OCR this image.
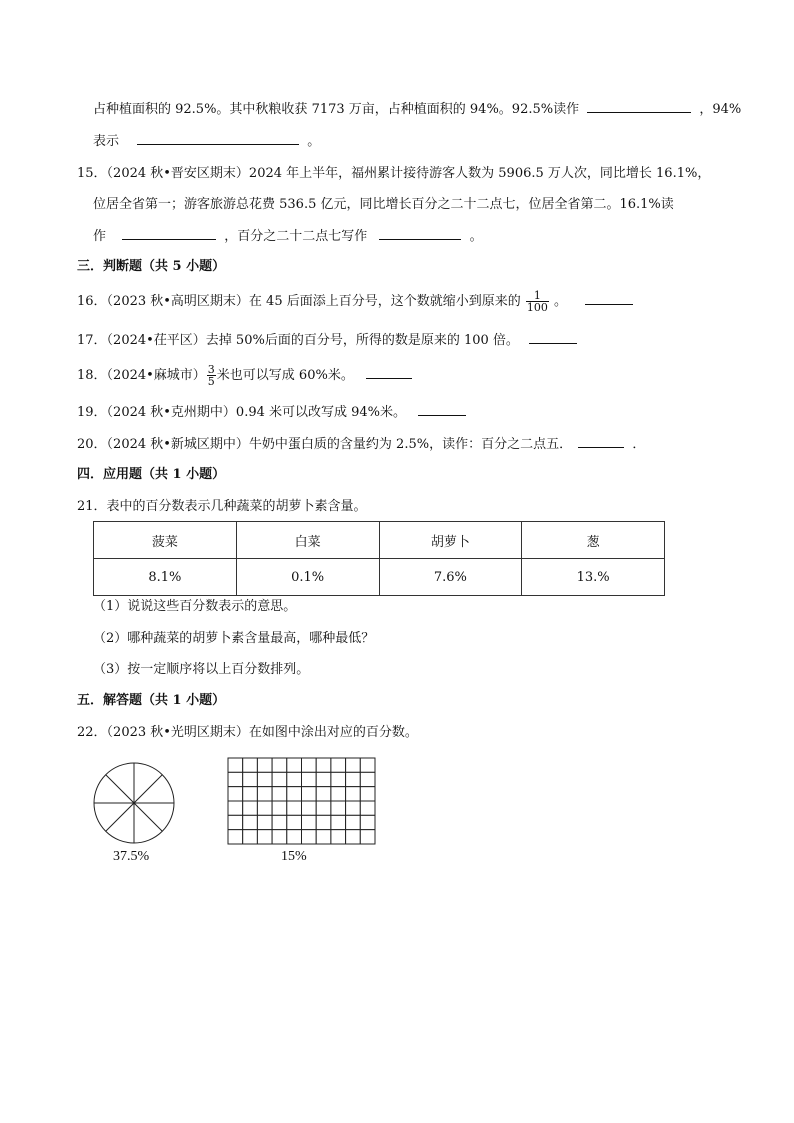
占种植面积的 92.5%。其中秋粮收获 7173 万亩，占种植面积的 94%。92.5%读作	，94%
表示	。
15．（2024 秋•晋安区期末）2024 年上半年，福州累计接待游客人数为 5906.5 万人次，同比增长 16.1%，
位居全省第一；游客旅游总花费 536.5 亿元，同比增长百分之二十二点七，位居全省第二。16.1%读
作	，百分之二十二点七写作	。
三．判断题（共 5 小题）
16．（2023 秋•高明区期末）在 45 后面添上百分号，这个数就缩小到原来的 $\frac{1}{100}$ 。
17．（2024•茌平区）去掉 50%后面的百分号，所得的数是原来的 100 倍。
18．（2024•麻城市） $\frac{3}{5}$ 米也可以写成 60%米。
19．（2024 秋•克州期中）0.94 米可以改写成 94%米。
20．（2024 秋•新城区期中）牛奶中蛋白质的含量约为 2.5%，读作：百分之二点五．	．
四．应用题（共 1 小题）
21．表中的百分数表示几种蔬菜的胡萝卜素含量。
菠菜	白菜	胡萝卜	葱
8.1%	0.1%	7.6%	13.%
（1）说说这些百分数表示的意思。
（2）哪种蔬菜的胡萝卜素含量最高，哪种最低？
（3）按一定顺序将以上百分数排列。
五．解答题（共 1 小题）
22．（2023 秋•光明区期末）在如图中涂出对应的百分数。
37.5%	15%
